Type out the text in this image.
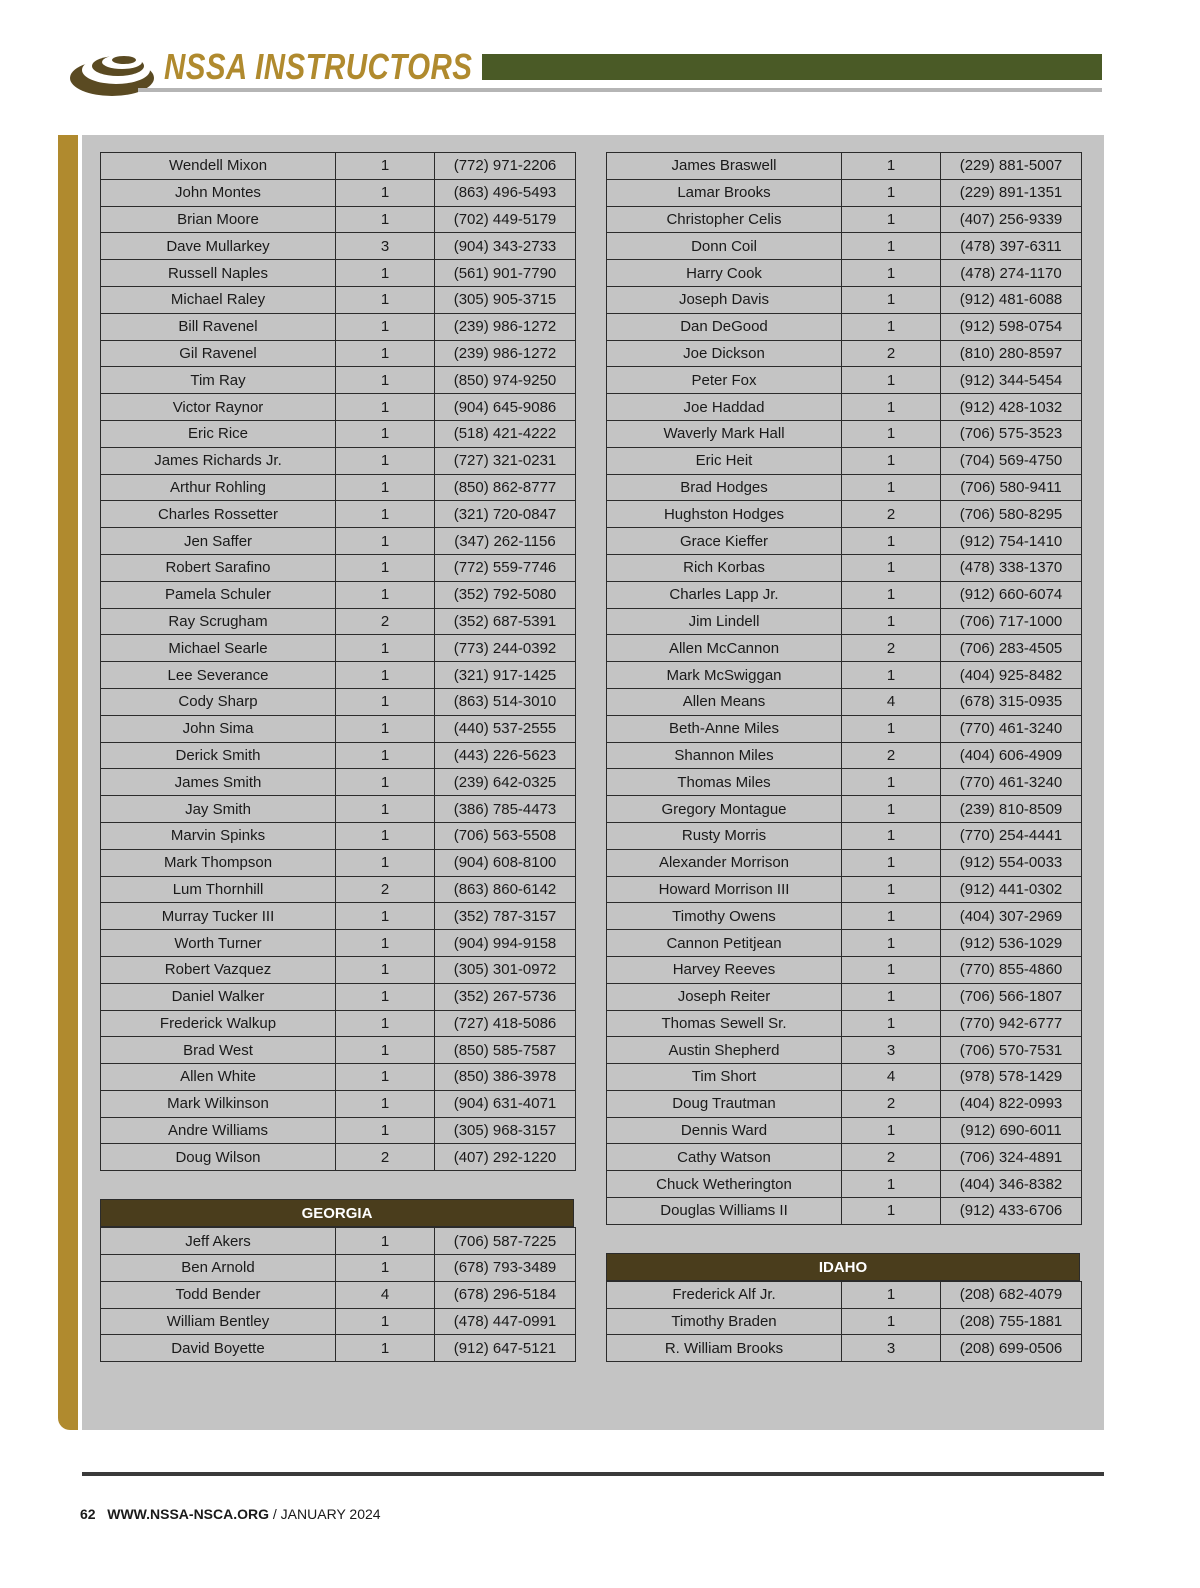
NSSA INSTRUCTORS
Wendell Mixon	1	(772) 971-2206
John Montes	1	(863) 496-5493
Brian Moore	1	(702) 449-5179
Dave Mullarkey	3	(904) 343-2733
Russell Naples	1	(561) 901-7790
Michael Raley	1	(305) 905-3715
Bill Ravenel	1	(239) 986-1272
Gil Ravenel	1	(239) 986-1272
Tim Ray	1	(850) 974-9250
Victor Raynor	1	(904) 645-9086
Eric Rice	1	(518) 421-4222
James Richards Jr.	1	(727) 321-0231
Arthur Rohling	1	(850) 862-8777
Charles Rossetter	1	(321) 720-0847
Jen Saffer	1	(347) 262-1156
Robert Sarafino	1	(772) 559-7746
Pamela Schuler	1	(352) 792-5080
Ray Scrugham	2	(352) 687-5391
Michael Searle	1	(773) 244-0392
Lee Severance	1	(321) 917-1425
Cody Sharp	1	(863) 514-3010
John Sima	1	(440) 537-2555
Derick Smith	1	(443) 226-5623
James Smith	1	(239) 642-0325
Jay Smith	1	(386) 785-4473
Marvin Spinks	1	(706) 563-5508
Mark Thompson	1	(904) 608-8100
Lum Thornhill	2	(863) 860-6142
Murray Tucker III	1	(352) 787-3157
Worth Turner	1	(904) 994-9158
Robert Vazquez	1	(305) 301-0972
Daniel Walker	1	(352) 267-5736
Frederick Walkup	1	(727) 418-5086
Brad West	1	(850) 585-7587
Allen White	1	(850) 386-3978
Mark Wilkinson	1	(904) 631-4071
Andre Williams	1	(305) 968-3157
Doug Wilson	2	(407) 292-1220
GEORGIA
Jeff Akers	1	(706) 587-7225
Ben Arnold	1	(678) 793-3489
Todd Bender	4	(678) 296-5184
William Bentley	1	(478) 447-0991
David Boyette	1	(912) 647-5121
James Braswell	1	(229) 881-5007
Lamar Brooks	1	(229) 891-1351
Christopher Celis	1	(407) 256-9339
Donn Coil	1	(478) 397-6311
Harry Cook	1	(478) 274-1170
Joseph Davis	1	(912) 481-6088
Dan DeGood	1	(912) 598-0754
Joe Dickson	2	(810) 280-8597
Peter Fox	1	(912) 344-5454
Joe Haddad	1	(912) 428-1032
Waverly Mark Hall	1	(706) 575-3523
Eric Heit	1	(704) 569-4750
Brad Hodges	1	(706) 580-9411
Hughston Hodges	2	(706) 580-8295
Grace Kieffer	1	(912) 754-1410
Rich Korbas	1	(478) 338-1370
Charles Lapp Jr.	1	(912) 660-6074
Jim Lindell	1	(706) 717-1000
Allen McCannon	2	(706) 283-4505
Mark McSwiggan	1	(404) 925-8482
Allen Means	4	(678) 315-0935
Beth-Anne Miles	1	(770) 461-3240
Shannon Miles	2	(404) 606-4909
Thomas Miles	1	(770) 461-3240
Gregory Montague	1	(239) 810-8509
Rusty Morris	1	(770) 254-4441
Alexander Morrison	1	(912) 554-0033
Howard Morrison III	1	(912) 441-0302
Timothy Owens	1	(404) 307-2969
Cannon Petitjean	1	(912) 536-1029
Harvey Reeves	1	(770) 855-4860
Joseph Reiter	1	(706) 566-1807
Thomas Sewell Sr.	1	(770) 942-6777
Austin Shepherd	3	(706) 570-7531
Tim Short	4	(978) 578-1429
Doug Trautman	2	(404) 822-0993
Dennis Ward	1	(912) 690-6011
Cathy Watson	2	(706) 324-4891
Chuck Wetherington	1	(404) 346-8382
Douglas Williams II	1	(912) 433-6706
IDAHO
Frederick Alf Jr.	1	(208) 682-4079
Timothy Braden	1	(208) 755-1881
R. William Brooks	3	(208) 699-0506
62 WWW.NSSA-NSCA.ORG / JANUARY 2024
